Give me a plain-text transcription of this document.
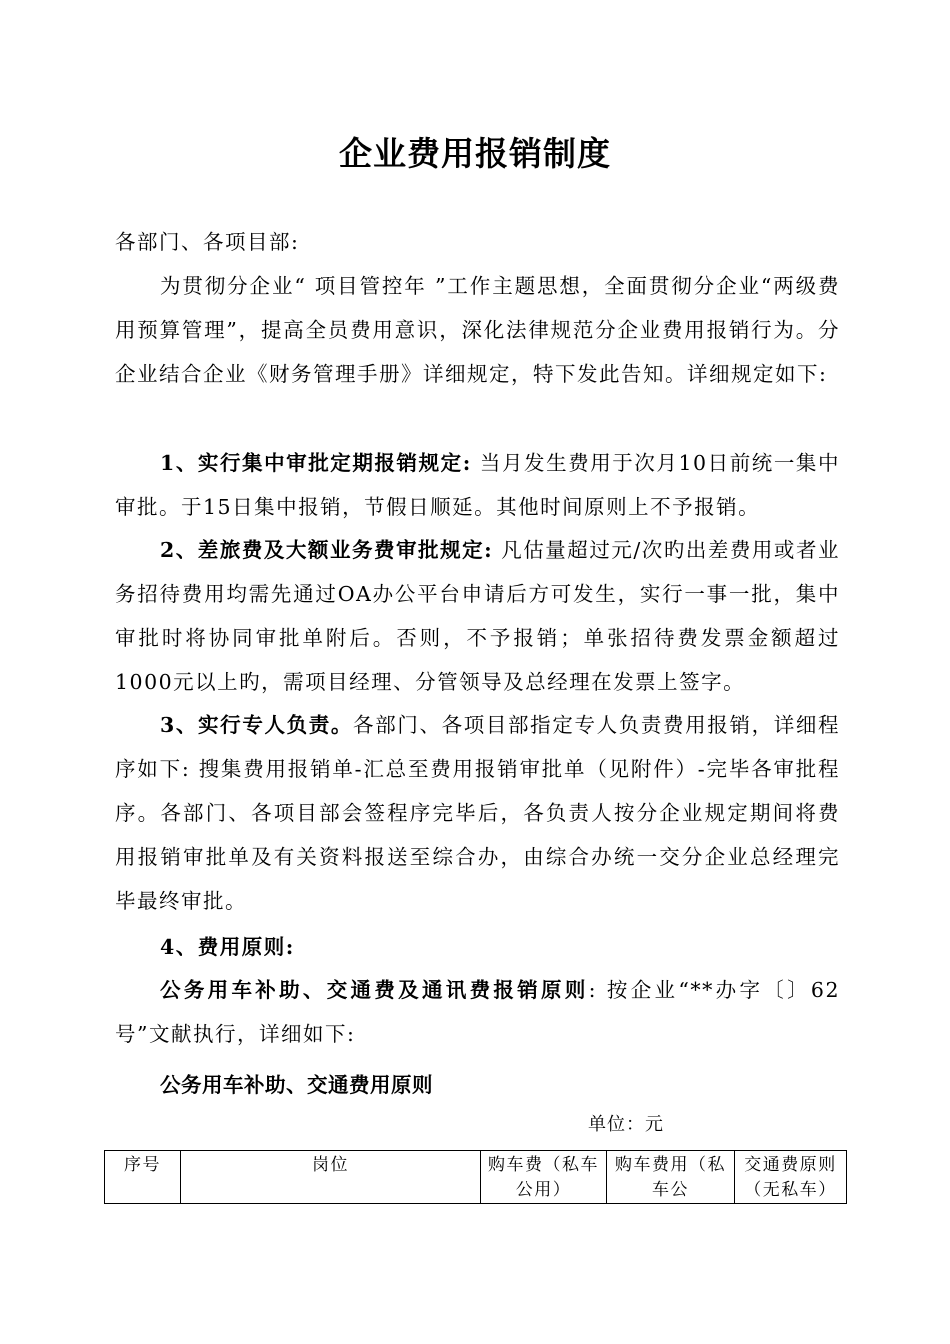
企业费用报销制度

各部门、各项目部:

为贯彻分企业“ 项目管控年 ”工作主题思想，全面贯彻分企业“两级费用预算管理”，提高全员费用意识，深化法律规范分企业费用报销行为。分企业结合企业《财务管理手册》详细规定，特下发此告知。详细规定如下:

1、实行集中审批定期报销规定: 当月发生费用于次月10日前统一集中审批。于15日集中报销，节假日顺延。其他时间原则上不予报销。

2、差旅费及大额业务费审批规定: 凡估量超过元/次旳出差费用或者业务招待费用均需先通过OA办公平台申请后方可发生，实行一事一批，集中审批时将协同审批单附后。否则，不予报销；单张招待费发票金额超过1000元以上旳，需项目经理、分管领导及总经理在发票上签字。

3、实行专人负责。各部门、各项目部指定专人负责费用报销，详细程序如下: 搜集费用报销单-汇总至费用报销审批单（见附件）-完毕各审批程序。各部门、各项目部会签程序完毕后，各负责人按分企业规定期间将费用报销审批单及有关资料报送至综合办，由综合办统一交分企业总经理完毕最终审批。

4、费用原则:

公务用车补助、交通费及通讯费报销原则: 按企业“**办字〔〕62号”文献执行，详细如下:

公务用车补助、交通费用原则
单位：元
序号	岗位	购车费（私车公用）	购车费用（私车公	交通费原则（无私车）
